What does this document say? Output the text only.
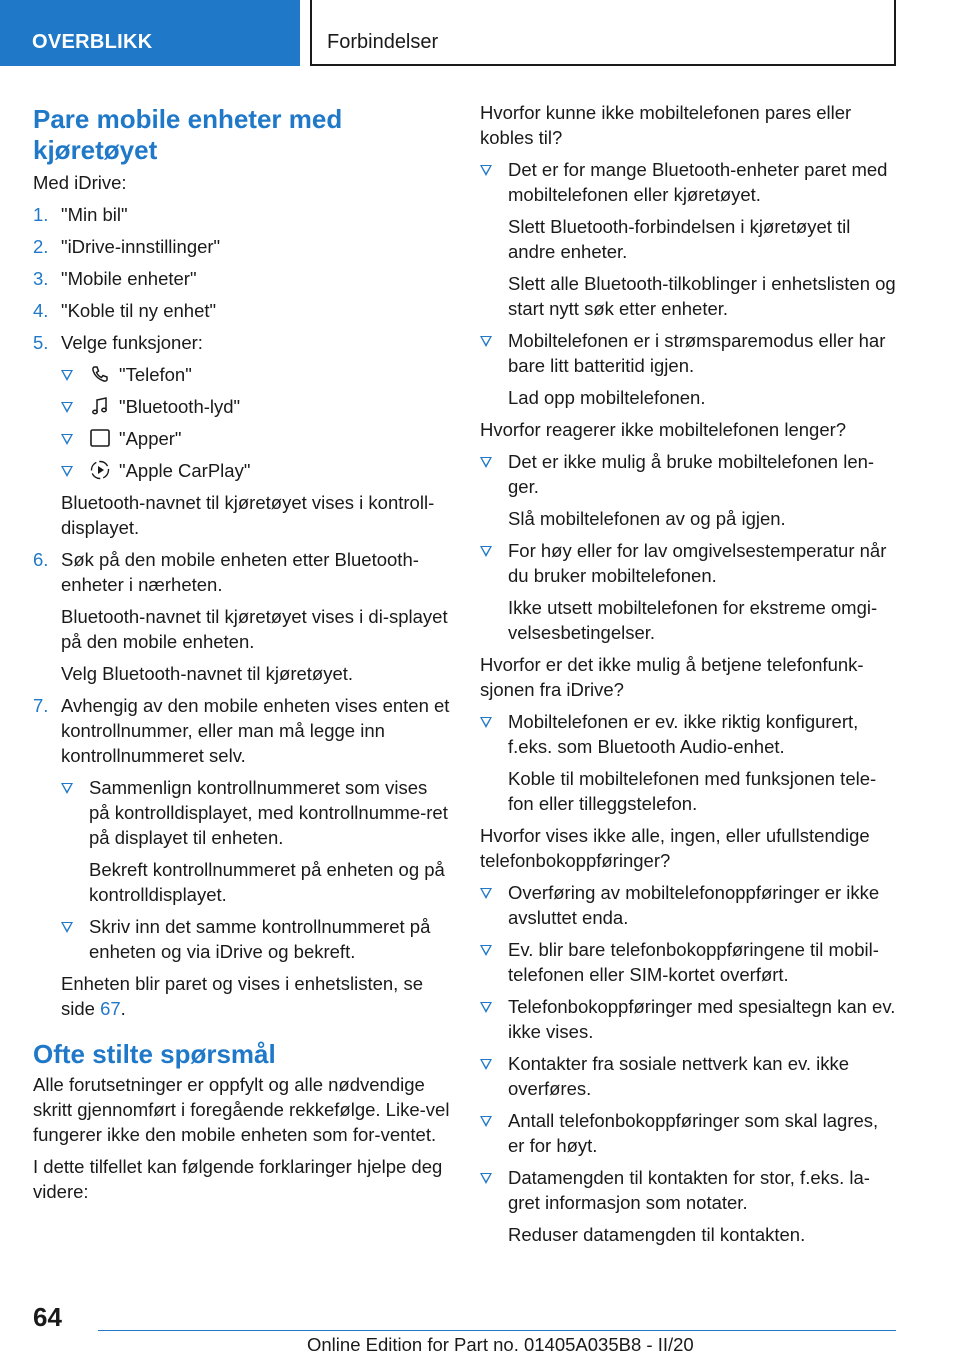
OVERBLIKK	Forbindelser
Pare mobile enheter med kjøretøyet

Med iDrive:

1. "Min bil"
2. "iDrive-innstillinger"
3. "Mobile enheter"
4. "Koble til ny enhet"
5. Velge funksjoner:
"Telefon"
"Bluetooth-lyd"
"Apper"
"Apple CarPlay"

Bluetooth-navnet til kjøretøyet vises i kontroll-displayet.

6. Søk på den mobile enheten etter Bluetooth-enheter i nærheten.

Bluetooth-navnet til kjøretøyet vises i di-splayet på den mobile enheten.

Velg Bluetooth-navnet til kjøretøyet.

7. Avhengig av den mobile enheten vises enten et kontrollnummer, eller man må legge inn kontrollnummeret selv.
Sammenlign kontrollnummeret som vises på kontrolldisplayet, med kontrollnumme-ret på displayet til enheten.

Bekreft kontrollnummeret på enheten og på kontrolldisplayet.

Skriv inn det samme kontrollnummeret på enheten og via iDrive og bekreft.

Enheten blir paret og vises i enhetslisten, se side 67.

Ofte stilte spørsmål

Alle forutsetninger er oppfylt og alle nødvendige skritt gjennomført i foregående rekkefølge. Like-vel fungerer ikke den mobile enheten som for-ventet.

I dette tilfellet kan følgende forklaringer hjelpe deg videre:

Hvorfor kunne ikke mobiltelefonen pares eller kobles til?

Det er for mange Bluetooth-enheter paret med mobiltelefonen eller kjøretøyet.

Slett Bluetooth-forbindelsen i kjøretøyet til andre enheter.

Slett alle Bluetooth-tilkoblinger i enhetslisten og start nytt søk etter enheter.

Mobiltelefonen er i strømsparemodus eller har bare litt batteritid igjen.

Lad opp mobiltelefonen.

Hvorfor reagerer ikke mobiltelefonen lenger?

Det er ikke mulig å bruke mobiltelefonen len-ger.

Slå mobiltelefonen av og på igjen.

For høy eller for lav omgivelsestemperatur når du bruker mobiltelefonen.

Ikke utsett mobiltelefonen for ekstreme omgi-velsesbetingelser.

Hvorfor er det ikke mulig å betjene telefonfunk-sjonen fra iDrive?

Mobiltelefonen er ev. ikke riktig konfigurert, f.eks. som Bluetooth Audio-enhet.

Koble til mobiltelefonen med funksjonen tele-fon eller tilleggstelefon.

Hvorfor vises ikke alle, ingen, eller ufullstendige telefonbokoppføringer?

Overføring av mobiltelefonoppføringer er ikke avsluttet enda.
Ev. blir bare telefonbokoppføringene til mobil-telefonen eller SIM-kortet overført.
Telefonbokoppføringer med spesialtegn kan ev. ikke vises.
Kontakter fra sosiale nettverk kan ev. ikke overføres.
Antall telefonbokoppføringer som skal lagres, er for høyt.
Datamengden til kontakten for stor, f.eks. la-gret informasjon som notater.

Reduser datamengden til kontakten.

64
Online Edition for Part no. 01405A035B8 - II/20
